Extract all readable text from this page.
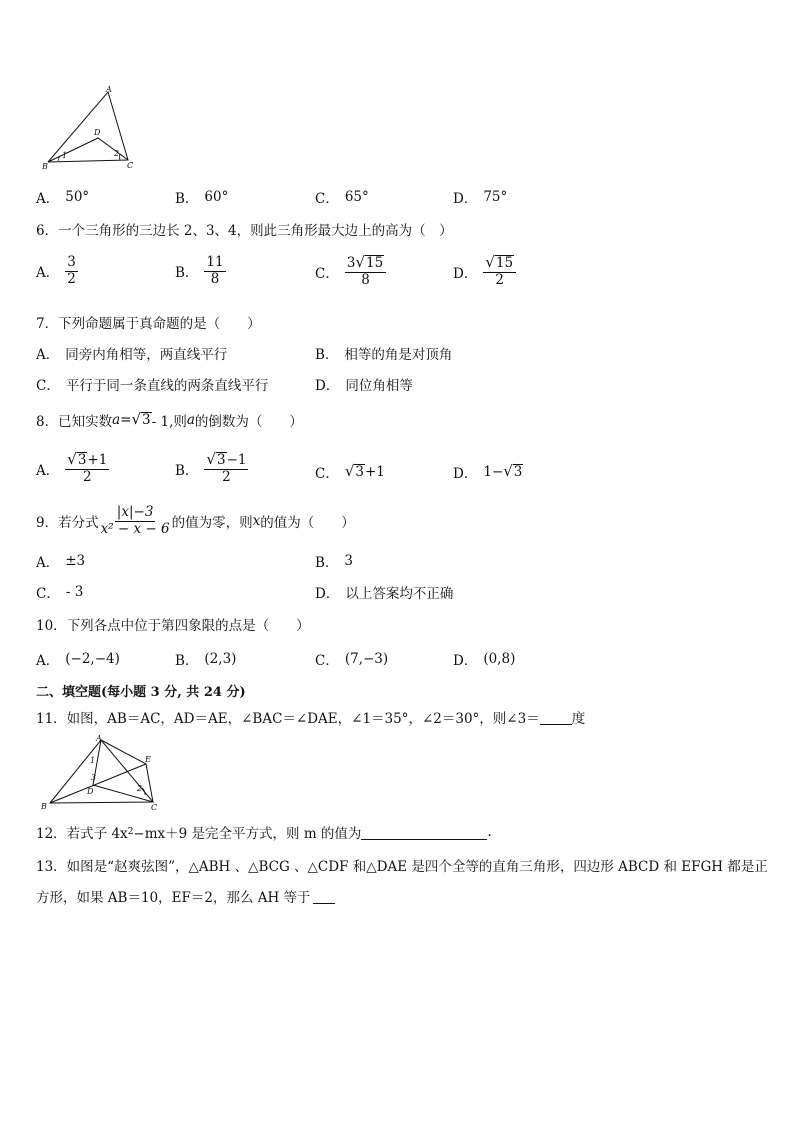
A
B	C
D
1	2
A． 50°	B． 60°	C． 65°	D． 75°
6．一个三角形的三边长 2、3、4，则此三角形最大边上的高为（　）
A． $\frac{3}{2}$	B． $\frac{11}{8}$	C． $\frac{3 √ 15}{8}$	D． $\frac{√ 15}{2}$
7．下列命题属于真命题的是（　　）
A． 同旁内角相等，两直线平行	B． 相等的角是对顶角
C． 平行于同一条直线的两条直线平行	D． 同位角相等
8．已知实数 a = √ 3 - 1,则 a 的倒数为（　　）
A． $\frac{√ 3 +1}{2}$	B． $\frac{√ 3 -1}{2}$	C． √ 3 +1	D． 1− √ 3
9．若分式 $\frac{|x|-3}{\text{x² − x − 6}}$ 的值为零，则 x 的值为（　　）
A． ±3	B． 3
C． - 3	D． 以上答案均不正确
10．下列各点中位于第四象限的点是（　　）
A． (−2,−4)	B． (2,3)	C． (7,−3)	D． (0,8)
二、填空题(每小题 3 分, 共 24 分)
11．如图，AB＝AC，AD＝AE，∠BAC＝∠DAE，∠1＝35°，∠2＝30°，则∠3＝ 度
A
B	C
D
E
1
2
3
12．若式子 4x 2 −mx＋9 是完全平方式，则 m 的值为	.
13．如图是“赵爽弦图”，△ABH 、△BCG 、△CDF 和△DAE 是四个全等的直角三角形，四边形 ABCD 和 EFGH 都是正
方形，如果 AB＝10，EF＝2，那么 AH 等于
